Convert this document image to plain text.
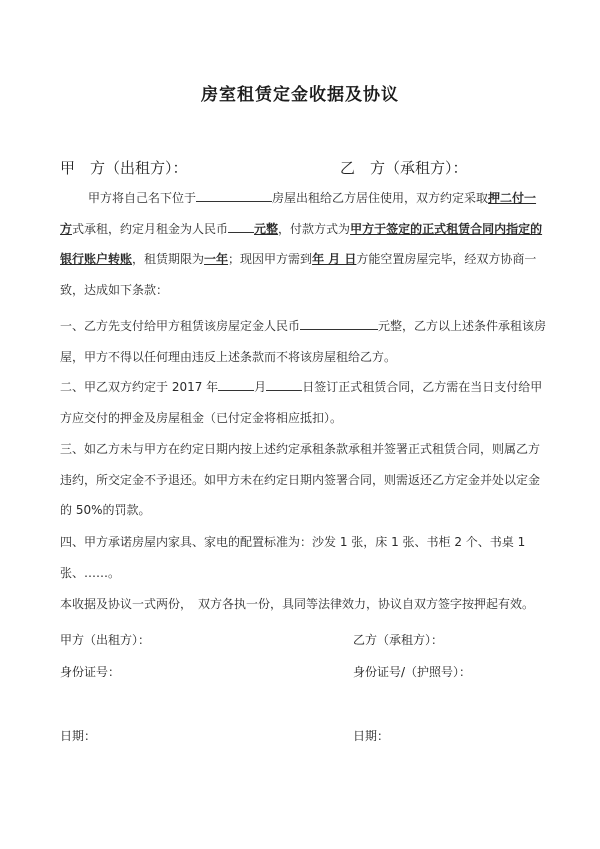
房室租赁定金收据及协议
甲　方（出租方）：	乙　方（承租方）：
甲方将自己名下位于	房屋出租给乙方居住使用，双方约定采取押二付一方式承租，约定月租金为人民币 元整，付款方式为甲方于签定的正式租赁合同内指定的银行账户转账，租赁期限为一年；现因甲方需到年 月 日方能空置房屋完毕，经双方协商一致，达成如下条款：
一、乙方先支付给甲方租赁该房屋定金人民币	元整，乙方以上述条件承租该房屋，甲方不得以任何理由违反上述条款而不将该房屋租给乙方。
二、甲乙双方约定于 2017 年	月	日签订正式租赁合同，乙方需在当日支付给甲方应交付的押金及房屋租金（已付定金将相应抵扣）。
三、如乙方未与甲方在约定日期内按上述约定承租条款承租并签署正式租赁合同，则属乙方违约，所交定金不予退还。如甲方未在约定日期内签署合同，则需返还乙方定金并处以定金的 50%的罚款。
四、甲方承诺房屋内家具、家电的配置标准为：沙发 1 张，床 1 张、书柜 2 个、书桌 1 张、……。
本收据及协议一式两份，　双方各执一份，具同等法律效力，协议自双方签字按押起有效。
甲方（出租方）：	乙方（承租方）：
身份证号：	身份证号/（护照号）：
日期：	日期：
